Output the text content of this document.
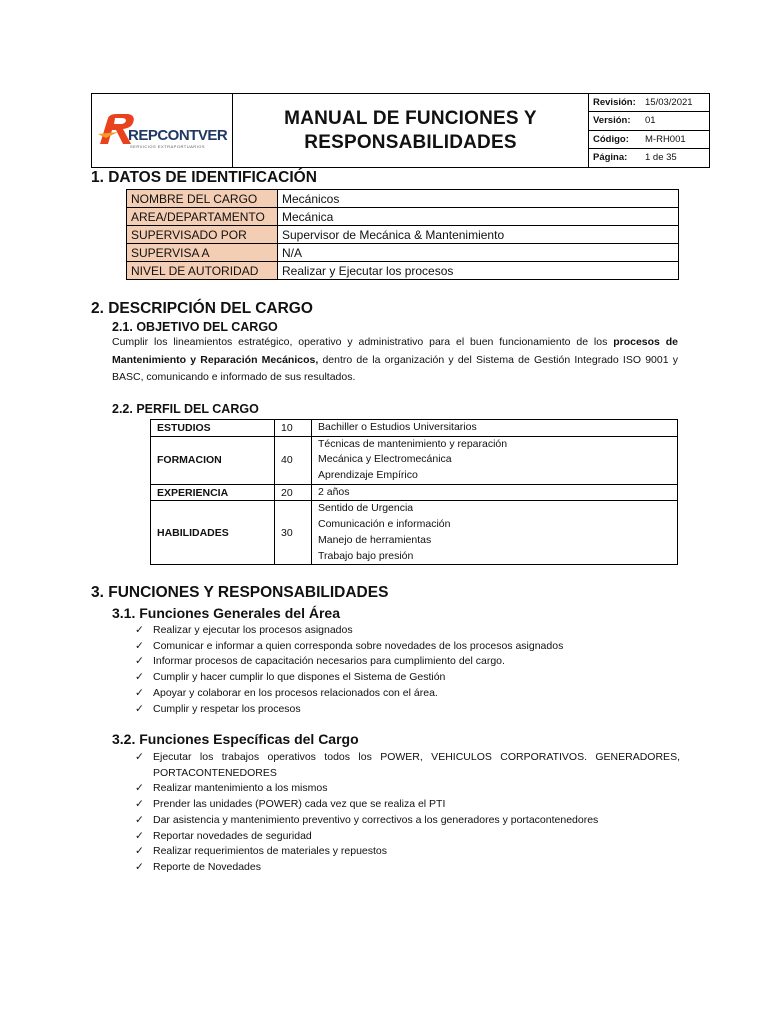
REPCONTVER
SERVICIOS EXTRAPORTUARIOS
MANUAL DE FUNCIONES Y
RESPONSABILIDADES
Revisión: 15/03/2021
Versión:	01
Código:	M-RH001
Página:	1 de 35
1. DATOS DE IDENTIFICACIÓN
NOMBRE DEL CARGO	Mecánicos
AREA/DEPARTAMENTO	Mecánica
SUPERVISADO POR	Supervisor de Mecánica & Mantenimiento
SUPERVISA A	N/A
NIVEL DE AUTORIDAD	Realizar y Ejecutar los procesos
2. DESCRIPCIÓN DEL CARGO
2.1. OBJETIVO DEL CARGO
Cumplir los lineamientos estratégico, operativo y administrativo para el buen funcionamiento de los procesos de Mantenimiento y Reparación Mecánicos, dentro de la organización y del Sistema de Gestión Integrado ISO 9001 y BASC, comunicando e informado de sus resultados.
2.2. PERFIL DEL CARGO
ESTUDIOS	10	Bachiller o Estudios Universitarios

FORMACION	40	Técnicas de mantenimiento y reparación
Mecánica y Electromecánica
Aprendizaje Empírico

EXPERIENCIA	20	2 años

HABILIDADES	30	Sentido de Urgencia
Comunicación e información
Manejo de herramientas
Trabajo bajo presión
3. FUNCIONES Y RESPONSABILIDADES
3.1. Funciones Generales del Área
✓ Realizar y ejecutar los procesos asignados
✓ Comunicar e informar a quien corresponda sobre novedades de los procesos asignados
✓ Informar procesos de capacitación necesarios para cumplimiento del cargo.
✓ Cumplir y hacer cumplir lo que dispones el Sistema de Gestión
✓ Apoyar y colaborar en los procesos relacionados con el área.
✓ Cumplir y respetar los procesos
3.2. Funciones Específicas del Cargo
✓ Ejecutar los trabajos operativos todos los POWER, VEHICULOS CORPORATIVOS. GENERADORES, PORTACONTENEDORES
✓ Realizar mantenimiento a los mismos
✓ Prender las unidades (POWER) cada vez que se realiza el PTI
✓ Dar asistencia y mantenimiento preventivo y correctivos a los generadores y portacontenedores
✓ Reportar novedades de seguridad
✓ Realizar requerimientos de materiales y repuestos
✓ Reporte de Novedades
